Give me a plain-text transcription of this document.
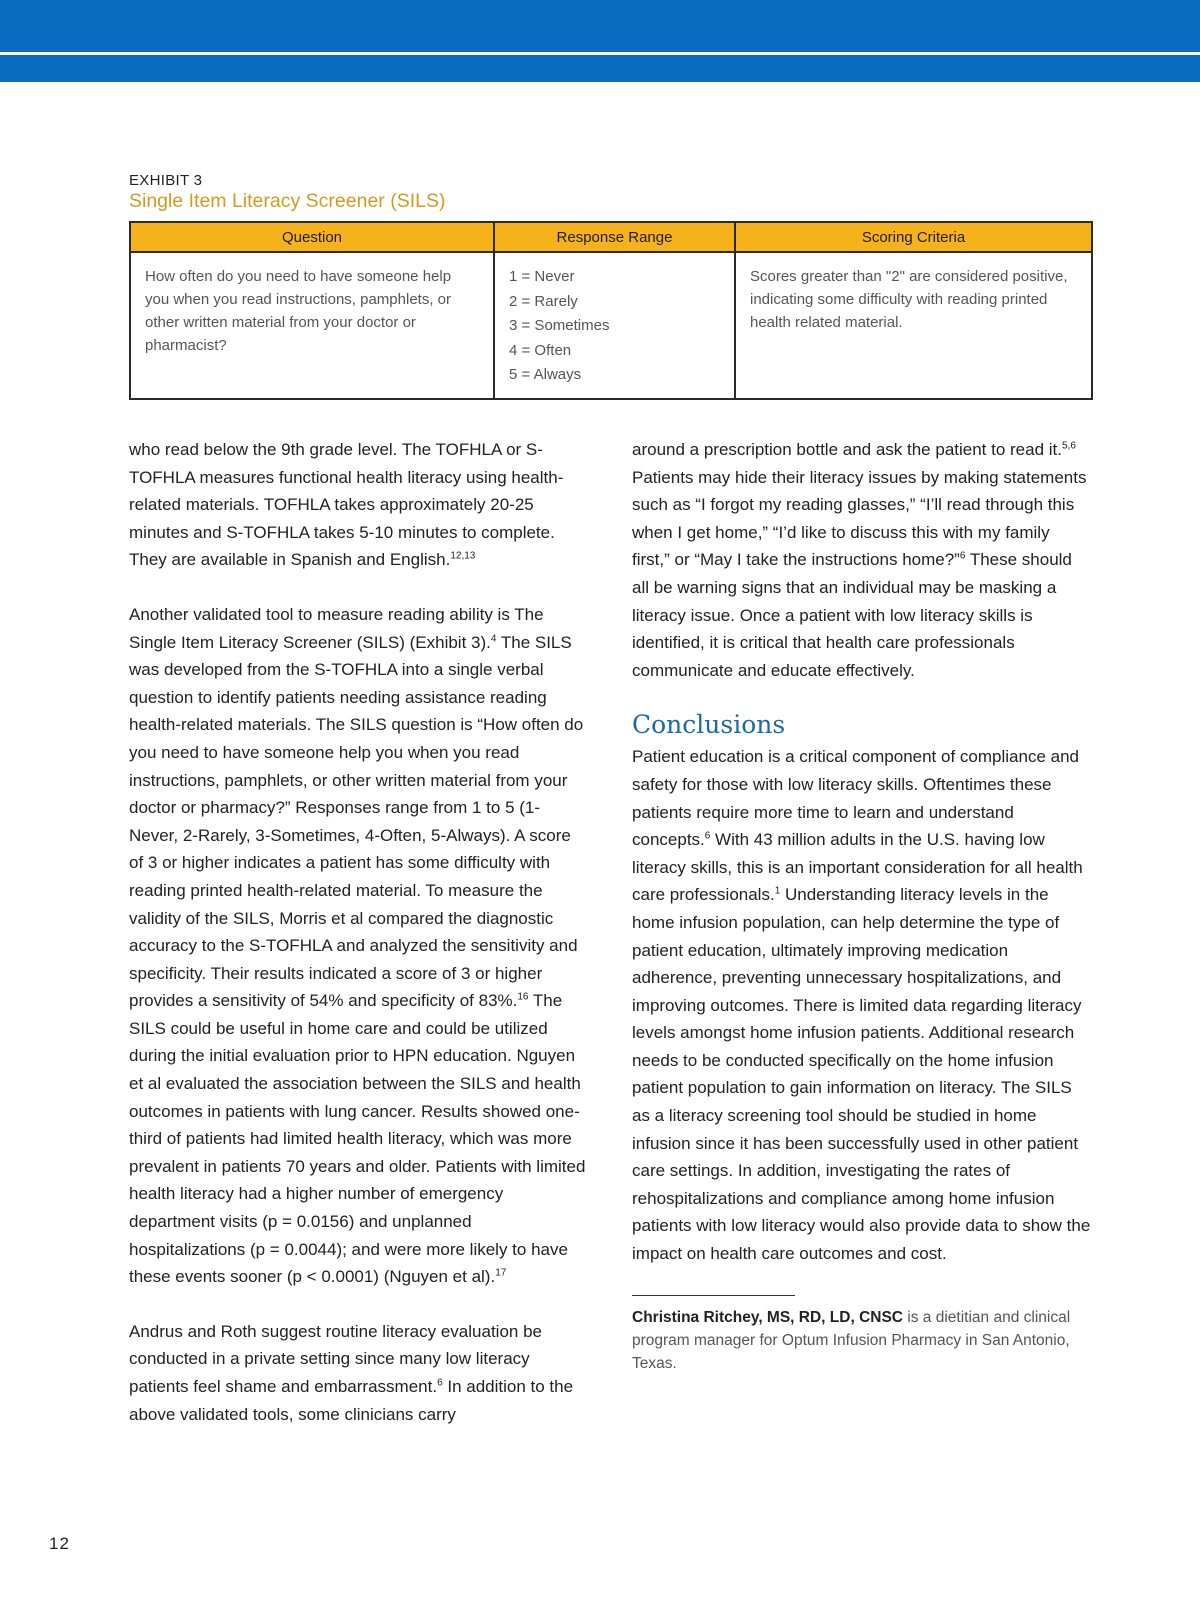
EXHIBIT 3
Single Item Literacy Screener (SILS)
Question	Response Range	Scoring Criteria
How often do you need to have someone help you when you read instructions, pamphlets, or other written material from your doctor or pharmacist?	1 = Never
2 = Rarely
3 = Sometimes
4 = Often
5 = Always	Scores greater than "2" are considered positive, indicating some difficulty with reading printed health related material.

who read below the 9th grade level. The TOFHLA or S-TOFHLA measures functional health literacy using health-related materials. TOFHLA takes approximately 20-25 minutes and S-TOFHLA takes 5-10 minutes to complete. They are available in Spanish and English.$^{12,13}$

Another validated tool to measure reading ability is The Single Item Literacy Screener (SILS) (Exhibit 3).$^4$ The SILS was developed from the S-TOFHLA into a single verbal question to identify patients needing assistance reading health-related materials. The SILS question is “How often do you need to have someone help you when you read instructions, pamphlets, or other written material from your doctor or pharmacy?” Responses range from 1 to 5 (1-Never, 2-Rarely, 3-Sometimes, 4-Often, 5-Always). A score of 3 or higher indicates a patient has some difficulty with reading printed health-related material. To measure the validity of the SILS, Morris et al compared the diagnostic accuracy to the S-TOFHLA and analyzed the sensitivity and specificity. Their results indicated a score of 3 or higher provides a sensitivity of 54% and specificity of 83%.$^{16}$ The SILS could be useful in home care and could be utilized during the initial evaluation prior to HPN education. Nguyen et al evaluated the association between the SILS and health outcomes in patients with lung cancer. Results showed one-third of patients had limited health literacy, which was more prevalent in patients 70 years and older. Patients with limited health literacy had a higher number of emergency department visits (p = 0.0156) and unplanned hospitalizations (p = 0.0044); and were more likely to have these events sooner (p < 0.0001) (Nguyen et al).$^{17}$

Andrus and Roth suggest routine literacy evaluation be conducted in a private setting since many low literacy patients feel shame and embarrassment.$^6$ In addition to the above validated tools, some clinicians carry

around a prescription bottle and ask the patient to read it.$^{5,6}$ Patients may hide their literacy issues by making statements such as “I forgot my reading glasses,” “I’ll read through this when I get home,” “I’d like to discuss this with my family first,” or “May I take the instructions home?”$^6$ These should all be warning signs that an individual may be masking a literacy issue. Once a patient with low literacy skills is identified, it is critical that health care professionals communicate and educate effectively.

Conclusions

Patient education is a critical component of compliance and safety for those with low literacy skills. Oftentimes these patients require more time to learn and understand concepts.$^6$ With 43 million adults in the U.S. having low literacy skills, this is an important consideration for all health care professionals.$^1$ Understanding literacy levels in the home infusion population, can help determine the type of patient education, ultimately improving medication adherence, preventing unnecessary hospitalizations, and improving outcomes. There is limited data regarding literacy levels amongst home infusion patients. Additional research needs to be conducted specifically on the home infusion patient population to gain information on literacy. The SILS as a literacy screening tool should be studied in home infusion since it has been successfully used in other patient care settings. In addition, investigating the rates of rehospitalizations and compliance among home infusion patients with low literacy would also provide data to show the impact on health care outcomes and cost.

Christina Ritchey, MS, RD, LD, CNSC is a dietitian and clinical program manager for Optum Infusion Pharmacy in San Antonio, Texas.
12
